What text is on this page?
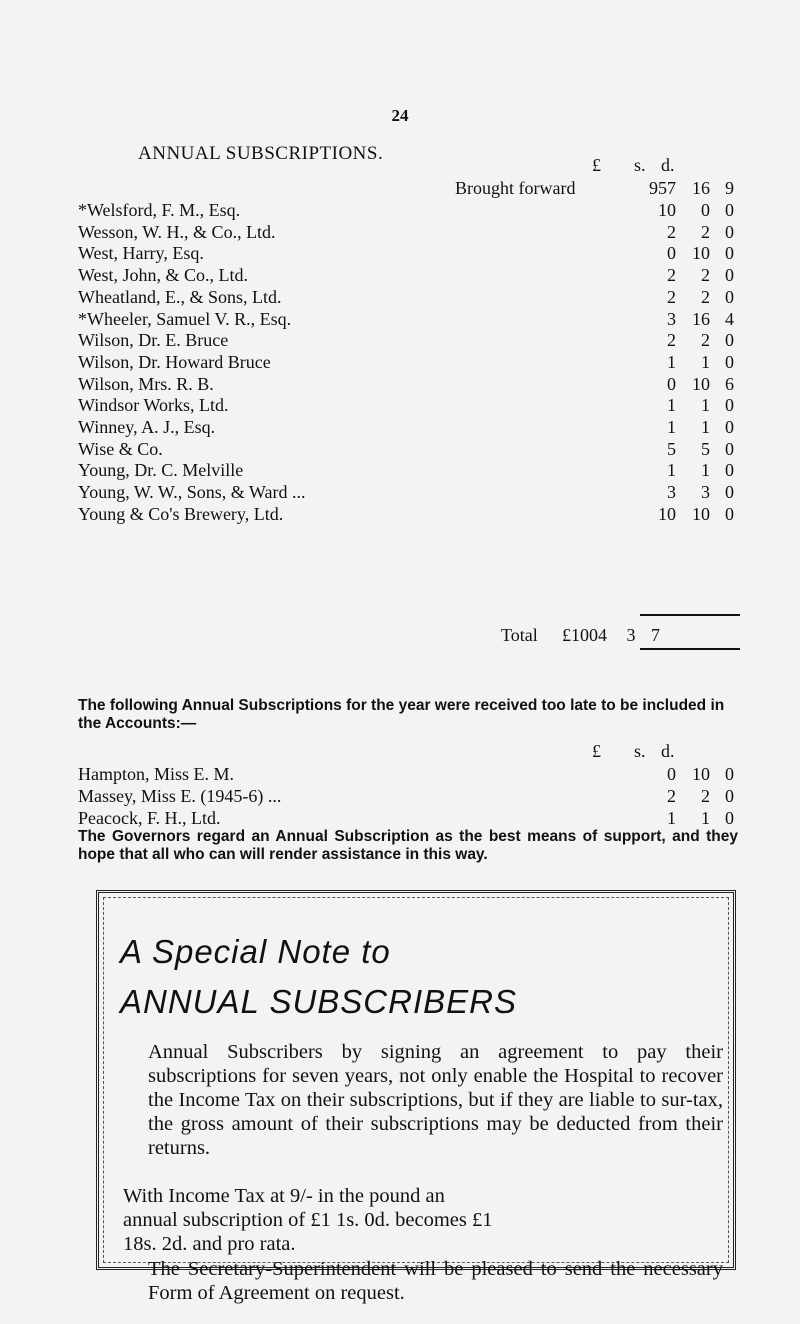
24
ANNUAL SUBSCRIPTIONS.
£ s. d.
Brought forward	957 16 9
*Welsford, F. M., Esq.	10	0 0
Wesson, W. H., & Co., Ltd.	2	2 0
West, Harry, Esq.	0 10 0
West, John, & Co., Ltd.	2	2 0
Wheatland, E., & Sons, Ltd.	2	2 0
*Wheeler, Samuel V. R., Esq.	3 16 4
Wilson, Dr. E. Bruce	2	2 0
Wilson, Dr. Howard Bruce	1	1 0
Wilson, Mrs. R. B.	0 10 6
Windsor Works, Ltd.	1	1 0
Winney, A. J., Esq.	1	1 0
Wise & Co.	5	5 0
Young, Dr. C. Melville	1	1 0
Young, W. W., Sons, & Ward ...	3	3 0
Young & Co's Brewery, Ltd.	10 10 0
Total £1004 3 7
The following Annual Subscriptions for the year were received too late to be included in the Accounts:—
£ s. d.
Hampton, Miss E. M.	0 10 0
Massey, Miss E. (1945-6) ...	2	2 0
Peacock, F. H., Ltd.	1	1 0
The Governors regard an Annual Subscription as the best means of support, and they hope that all who can will render assistance in this way.
A Special Note to
ANNUAL SUBSCRIBERS
Annual Subscribers by signing an agreement to pay their subscriptions for seven years, not only enable the Hospital to recover the Income Tax on their subscriptions, but if they are liable to sur-tax, the gross amount of their subscriptions may be deducted from their returns.
With Income Tax at 9/- in the pound an annual subscription of £1 1s. 0d. becomes £1 18s. 2d. and pro rata.
The Secretary-Superintendent will be pleased to send the necessary Form of Agreement on request.
